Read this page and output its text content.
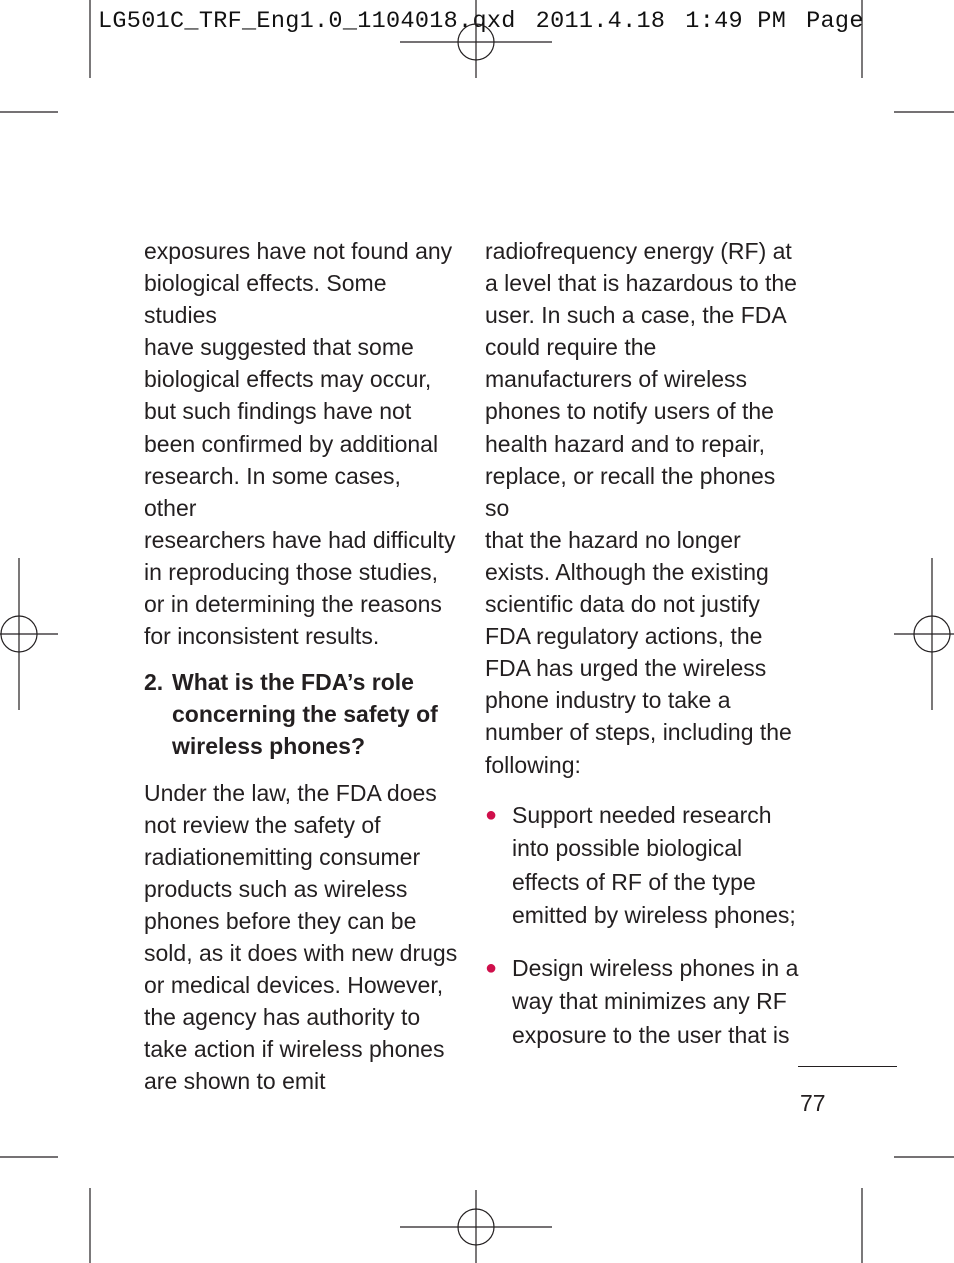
LG501C_TRF_Eng1.0_1104018.qxd 2011.4.18 1:49 PM Page

exposures have not found any
biological effects. Some studies
have suggested that some
biological effects may occur,
but such findings have not
been confirmed by additional
research. In some cases, other
researchers have had difficulty
in reproducing those studies,
or in determining the reasons
for inconsistent results.

2. What is the FDA’s role
concerning the safety of
wireless phones?

Under the law, the FDA does
not review the safety of
radiationemitting consumer
products such as wireless
phones before they can be
sold, as it does with new drugs
or medical devices. However,
the agency has authority to
take action if wireless phones
are shown to emit

radiofrequency energy (RF) at
a level that is hazardous to the
user. In such a case, the FDA
could require the
manufacturers of wireless
phones to notify users of the
health hazard and to repair,
replace, or recall the phones so
that the hazard no longer
exists. Although the existing
scientific data do not justify
FDA regulatory actions, the
FDA has urged the wireless
phone industry to take a
number of steps, including the
following:

● Support needed research
into possible biological
effects of RF of the type
emitted by wireless phones;
● Design wireless phones in a
way that minimizes any RF
exposure to the user that is
77
